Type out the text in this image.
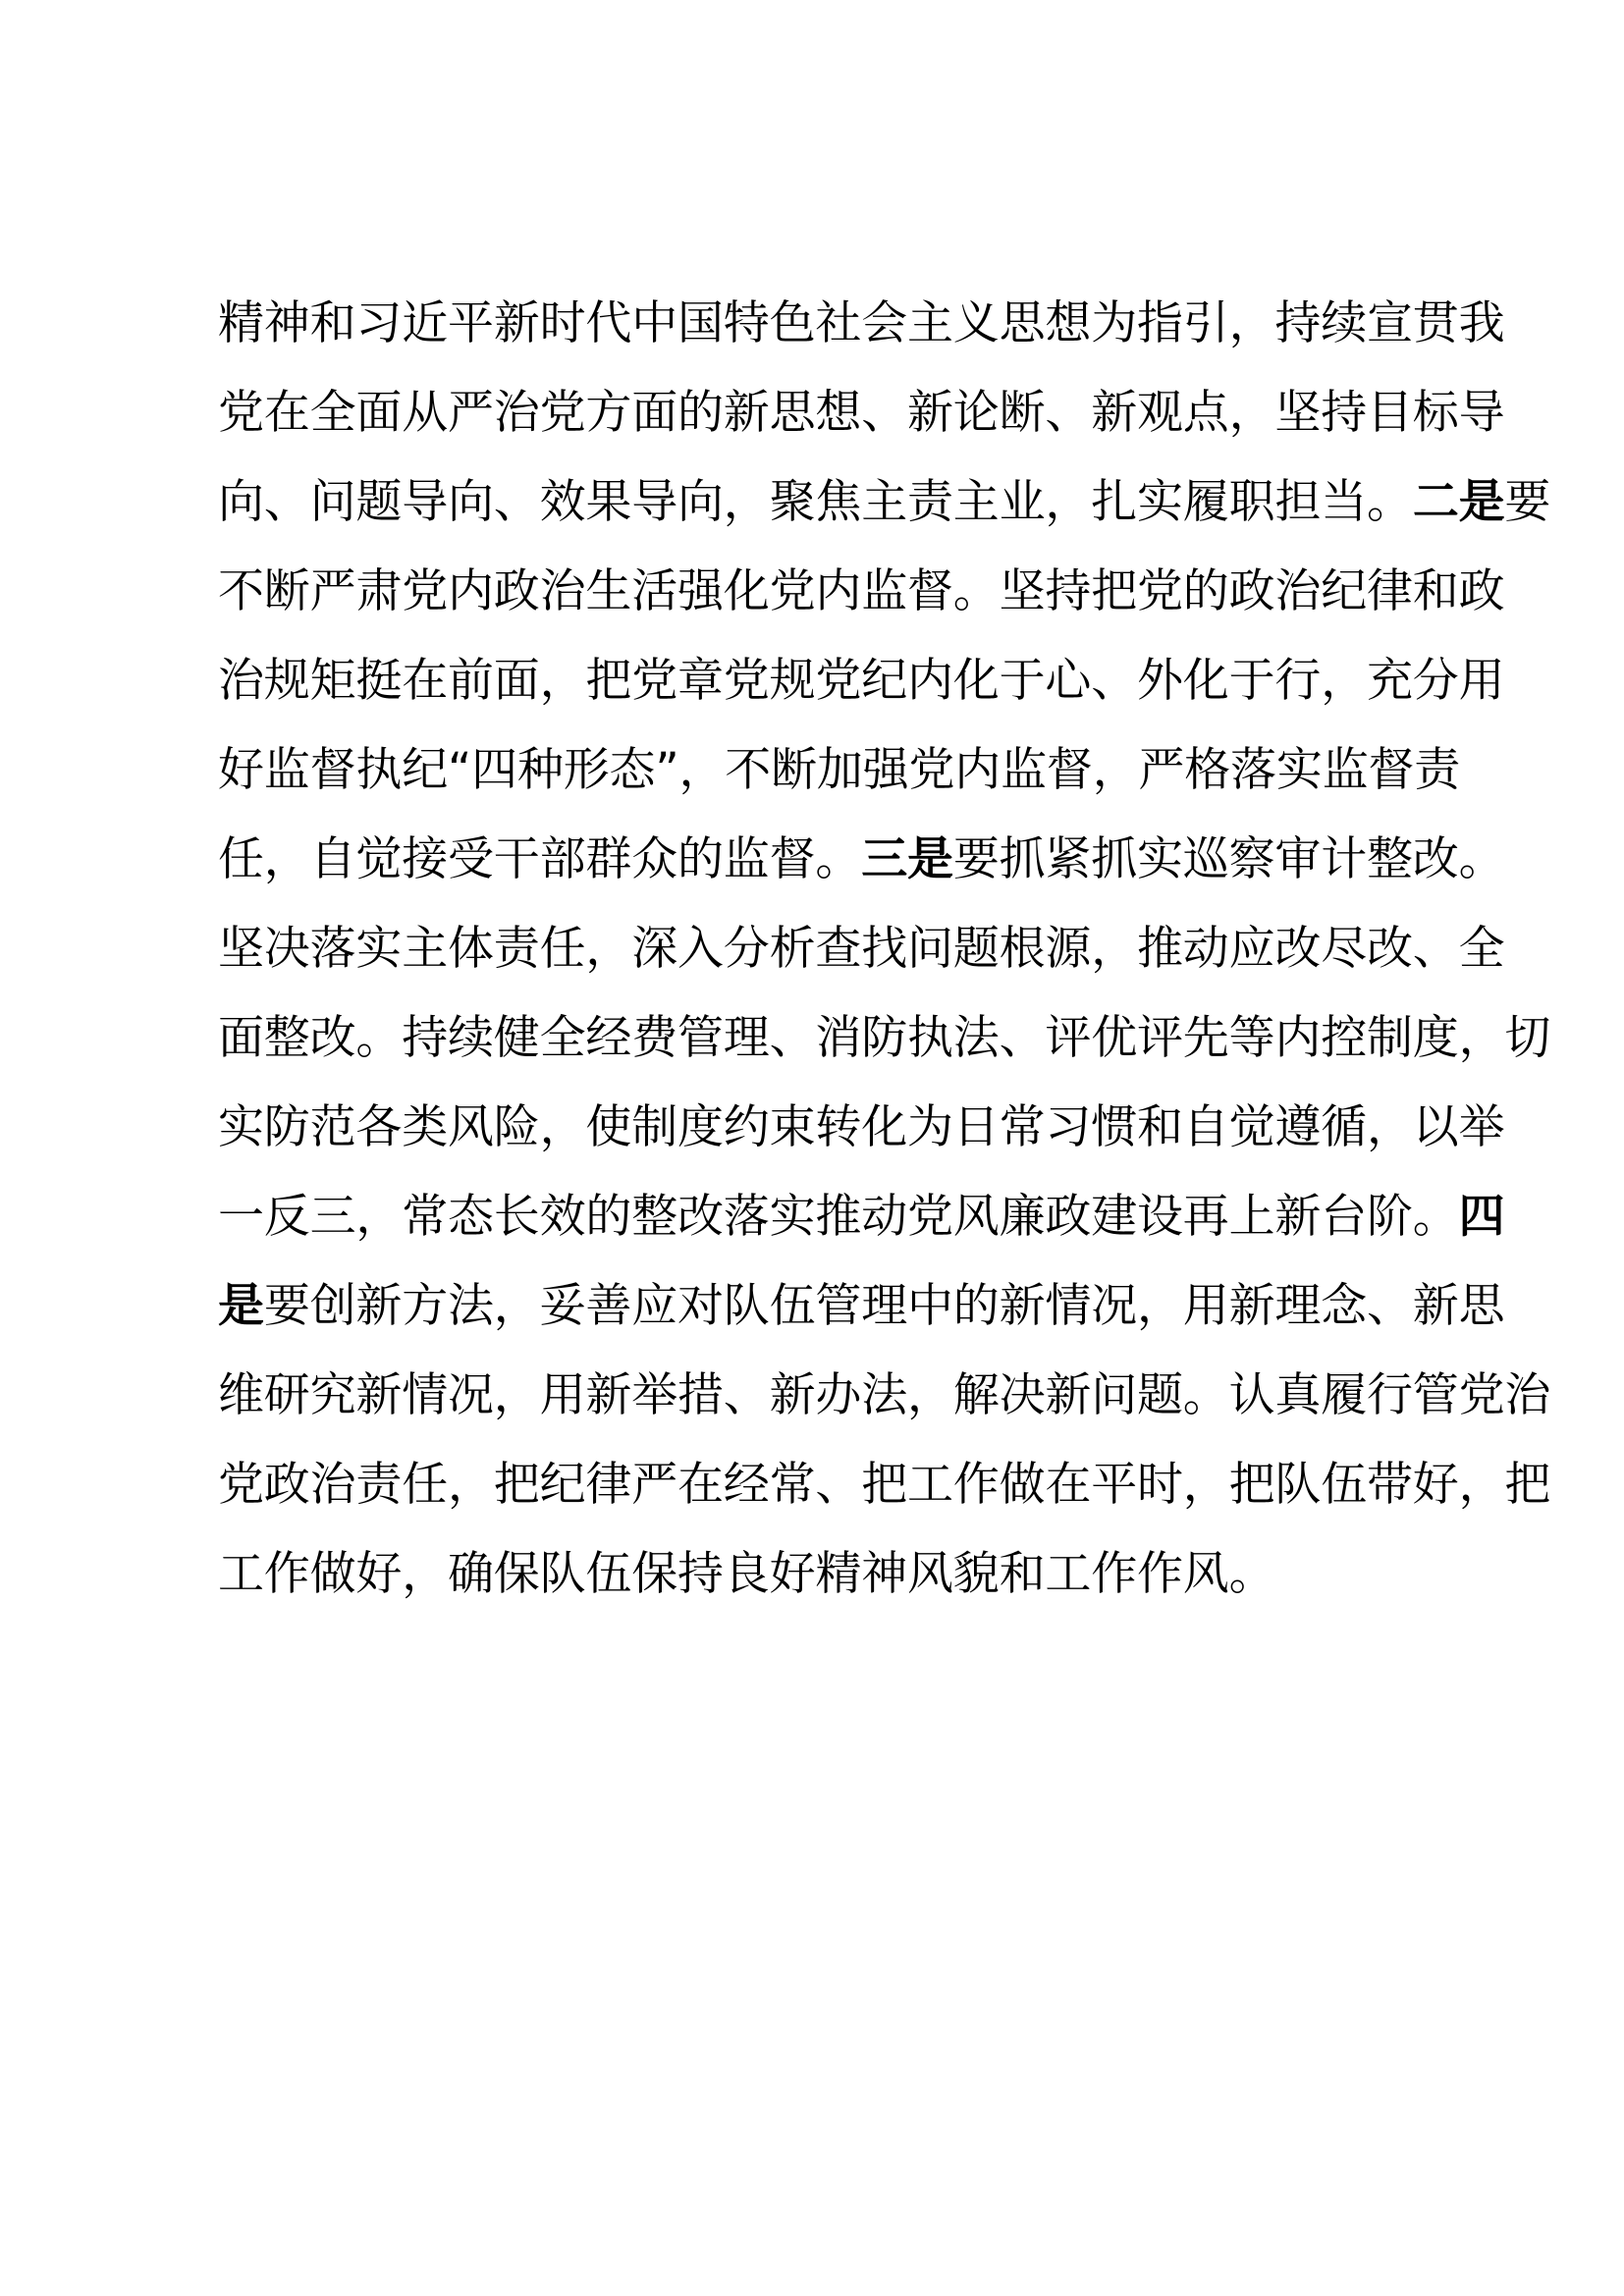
精神和习近平新时代中国特色社会主义思想为指引，持续宣贯我
党在全面从严治党方面的新思想、新论断、新观点，坚持目标导
向、问题导向、效果导向，聚焦主责主业，扎实履职担当。二是要
不断严肃党内政治生活强化党内监督。坚持把党的政治纪律和政
治规矩挺在前面，把党章党规党纪内化于心、外化于行，充分用
好监督执纪“四种形态”，不断加强党内监督，严格落实监督责
任，自觉接受干部群众的监督。三是要抓紧抓实巡察审计整改。
坚决落实主体责任，深入分析查找问题根源，推动应改尽改、全
面整改。持续健全经费管理、消防执法、评优评先等内控制度，切
实防范各类风险，使制度约束转化为日常习惯和自觉遵循，以举
一反三，常态长效的整改落实推动党风廉政建设再上新台阶。四
是要创新方法，妥善应对队伍管理中的新情况，用新理念、新思
维研究新情况，用新举措、新办法，解决新问题。认真履行管党治
党政治责任，把纪律严在经常、把工作做在平时，把队伍带好，把
工作做好，确保队伍保持良好精神风貌和工作作风。
